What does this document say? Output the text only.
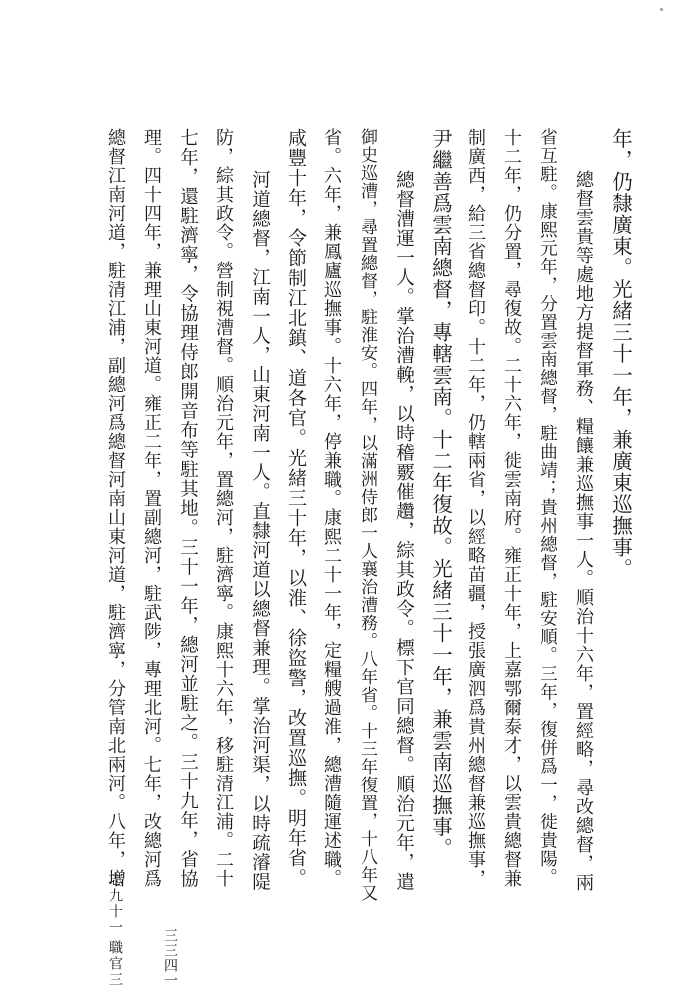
年，仍隸廣東。光緒三十一年，兼廣東巡撫事。
總督雲貴等處地方提督軍務、糧饟兼巡撫事一人。順治十六年，置經略，尋改總督，兩
省互駐。康熙元年，分置雲南總督，駐曲靖；貴州總督，駐安順。三年，復併爲一，徙貴陽。
十二年，仍分置，尋復故。二十六年，徙雲南府。雍正十年，上嘉鄂爾泰才，以雲貴總督兼
制廣西，給三省總督印。十二年，仍轄兩省，以經略苗疆，授張廣泗爲貴州總督兼巡撫事，
尹繼善爲雲南總督，專轄雲南。十二年復故。光緒三十一年，兼雲南巡撫事。
總督漕運一人。掌治漕輓，以時稽覈催趲，綜其政令。標下官同總督。順治元年，遣
御史巡漕，尋置總督，駐淮安。四年，以滿洲侍郎一人襄治漕務。八年省。十三年復置，十八年又
省。六年，兼鳳廬巡撫事。十六年，停兼職。康熙二十一年，定糧艘過淮，總漕隨運述職。
咸豐十年，令節制江北鎮、道各官。光緒三十年，以淮、徐盜警，改置巡撫。明年省。
河道總督，江南一人，山東河南一人。直隸河道以總督兼理。掌治河渠，以時疏濬隄
防，綜其政令。營制視漕督。順治元年，置總河，駐濟寧。康熙十六年，移駐清江浦。二十
七年，還駐濟寧，令協理侍郎開音布等駐其地。三十一年，總河並駐之。三十九年，省協
理。四十四年，兼理山東河道。雍正二年，置副總河，駐武陟，專理北河。七年，改總河爲
總督江南河道，駐清江浦，副總河爲總督河南山東河道，駐濟寧，分管南北兩河。八年，增
志九十一
職官三	三三四一
